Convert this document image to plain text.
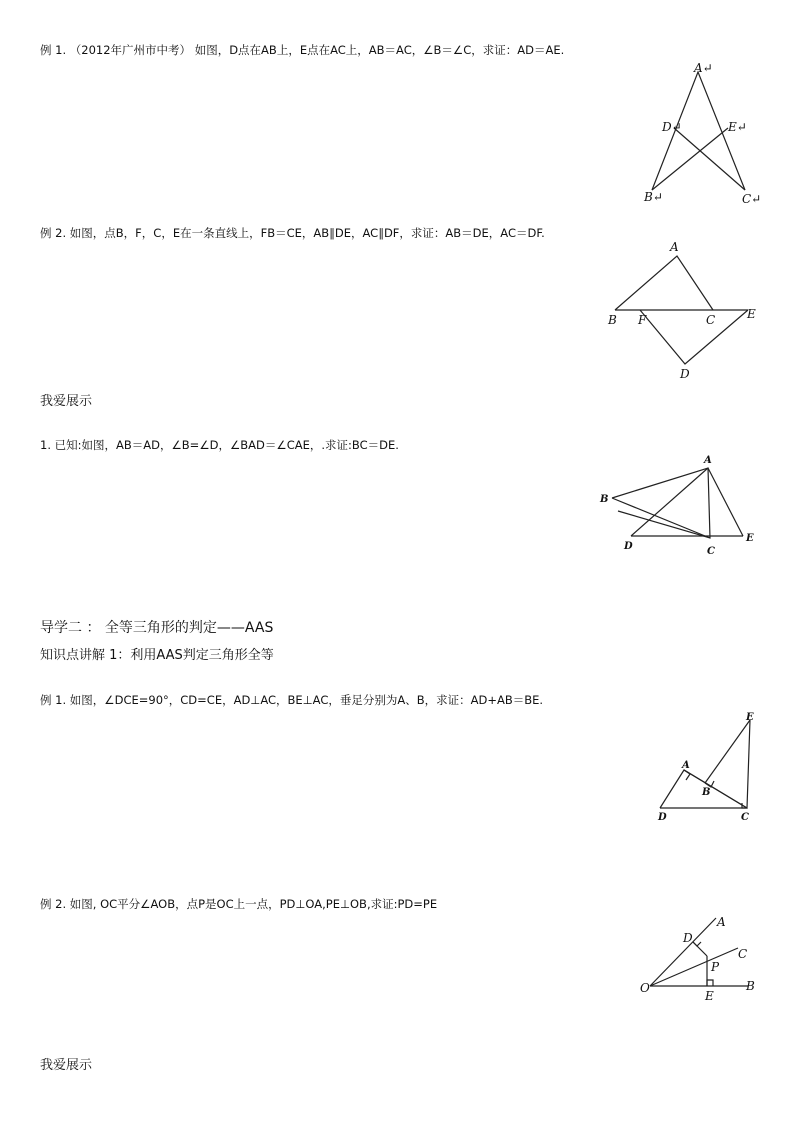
例 1. （2012年广州市中考） 如图，D点在AB上，E点在AC上，AB＝AC，∠B＝∠C，求证：AD＝AE.
A↵
D↵	E↵
B↵	C↵
例 2. 如图，点B，F，C，E在一条直线上，FB＝CE，AB∥DE，AC∥DF，求证：AB＝DE，AC＝DF.
A
B F	C	E
D
我爱展示
1. 已知:如图，AB＝AD，∠B=∠D，∠BAD＝∠CAE，.求证:BC＝DE.
A
B
D	C
E
导学二 ： 全等三角形的判定——AAS
知识点讲解 1：利用AAS判定三角形全等
例 1. 如图，∠DCE=90°，CD=CE，AD⊥AC，BE⊥AC，垂足分别为A、B，求证：AD+AB＝BE.
E
A
B
D	C
例 2. 如图, OC平分∠AOB，点P是OC上一点，PD⊥OA,PE⊥OB,求证:PD=PE
A
D
C
P
O
E
B
我爱展示
